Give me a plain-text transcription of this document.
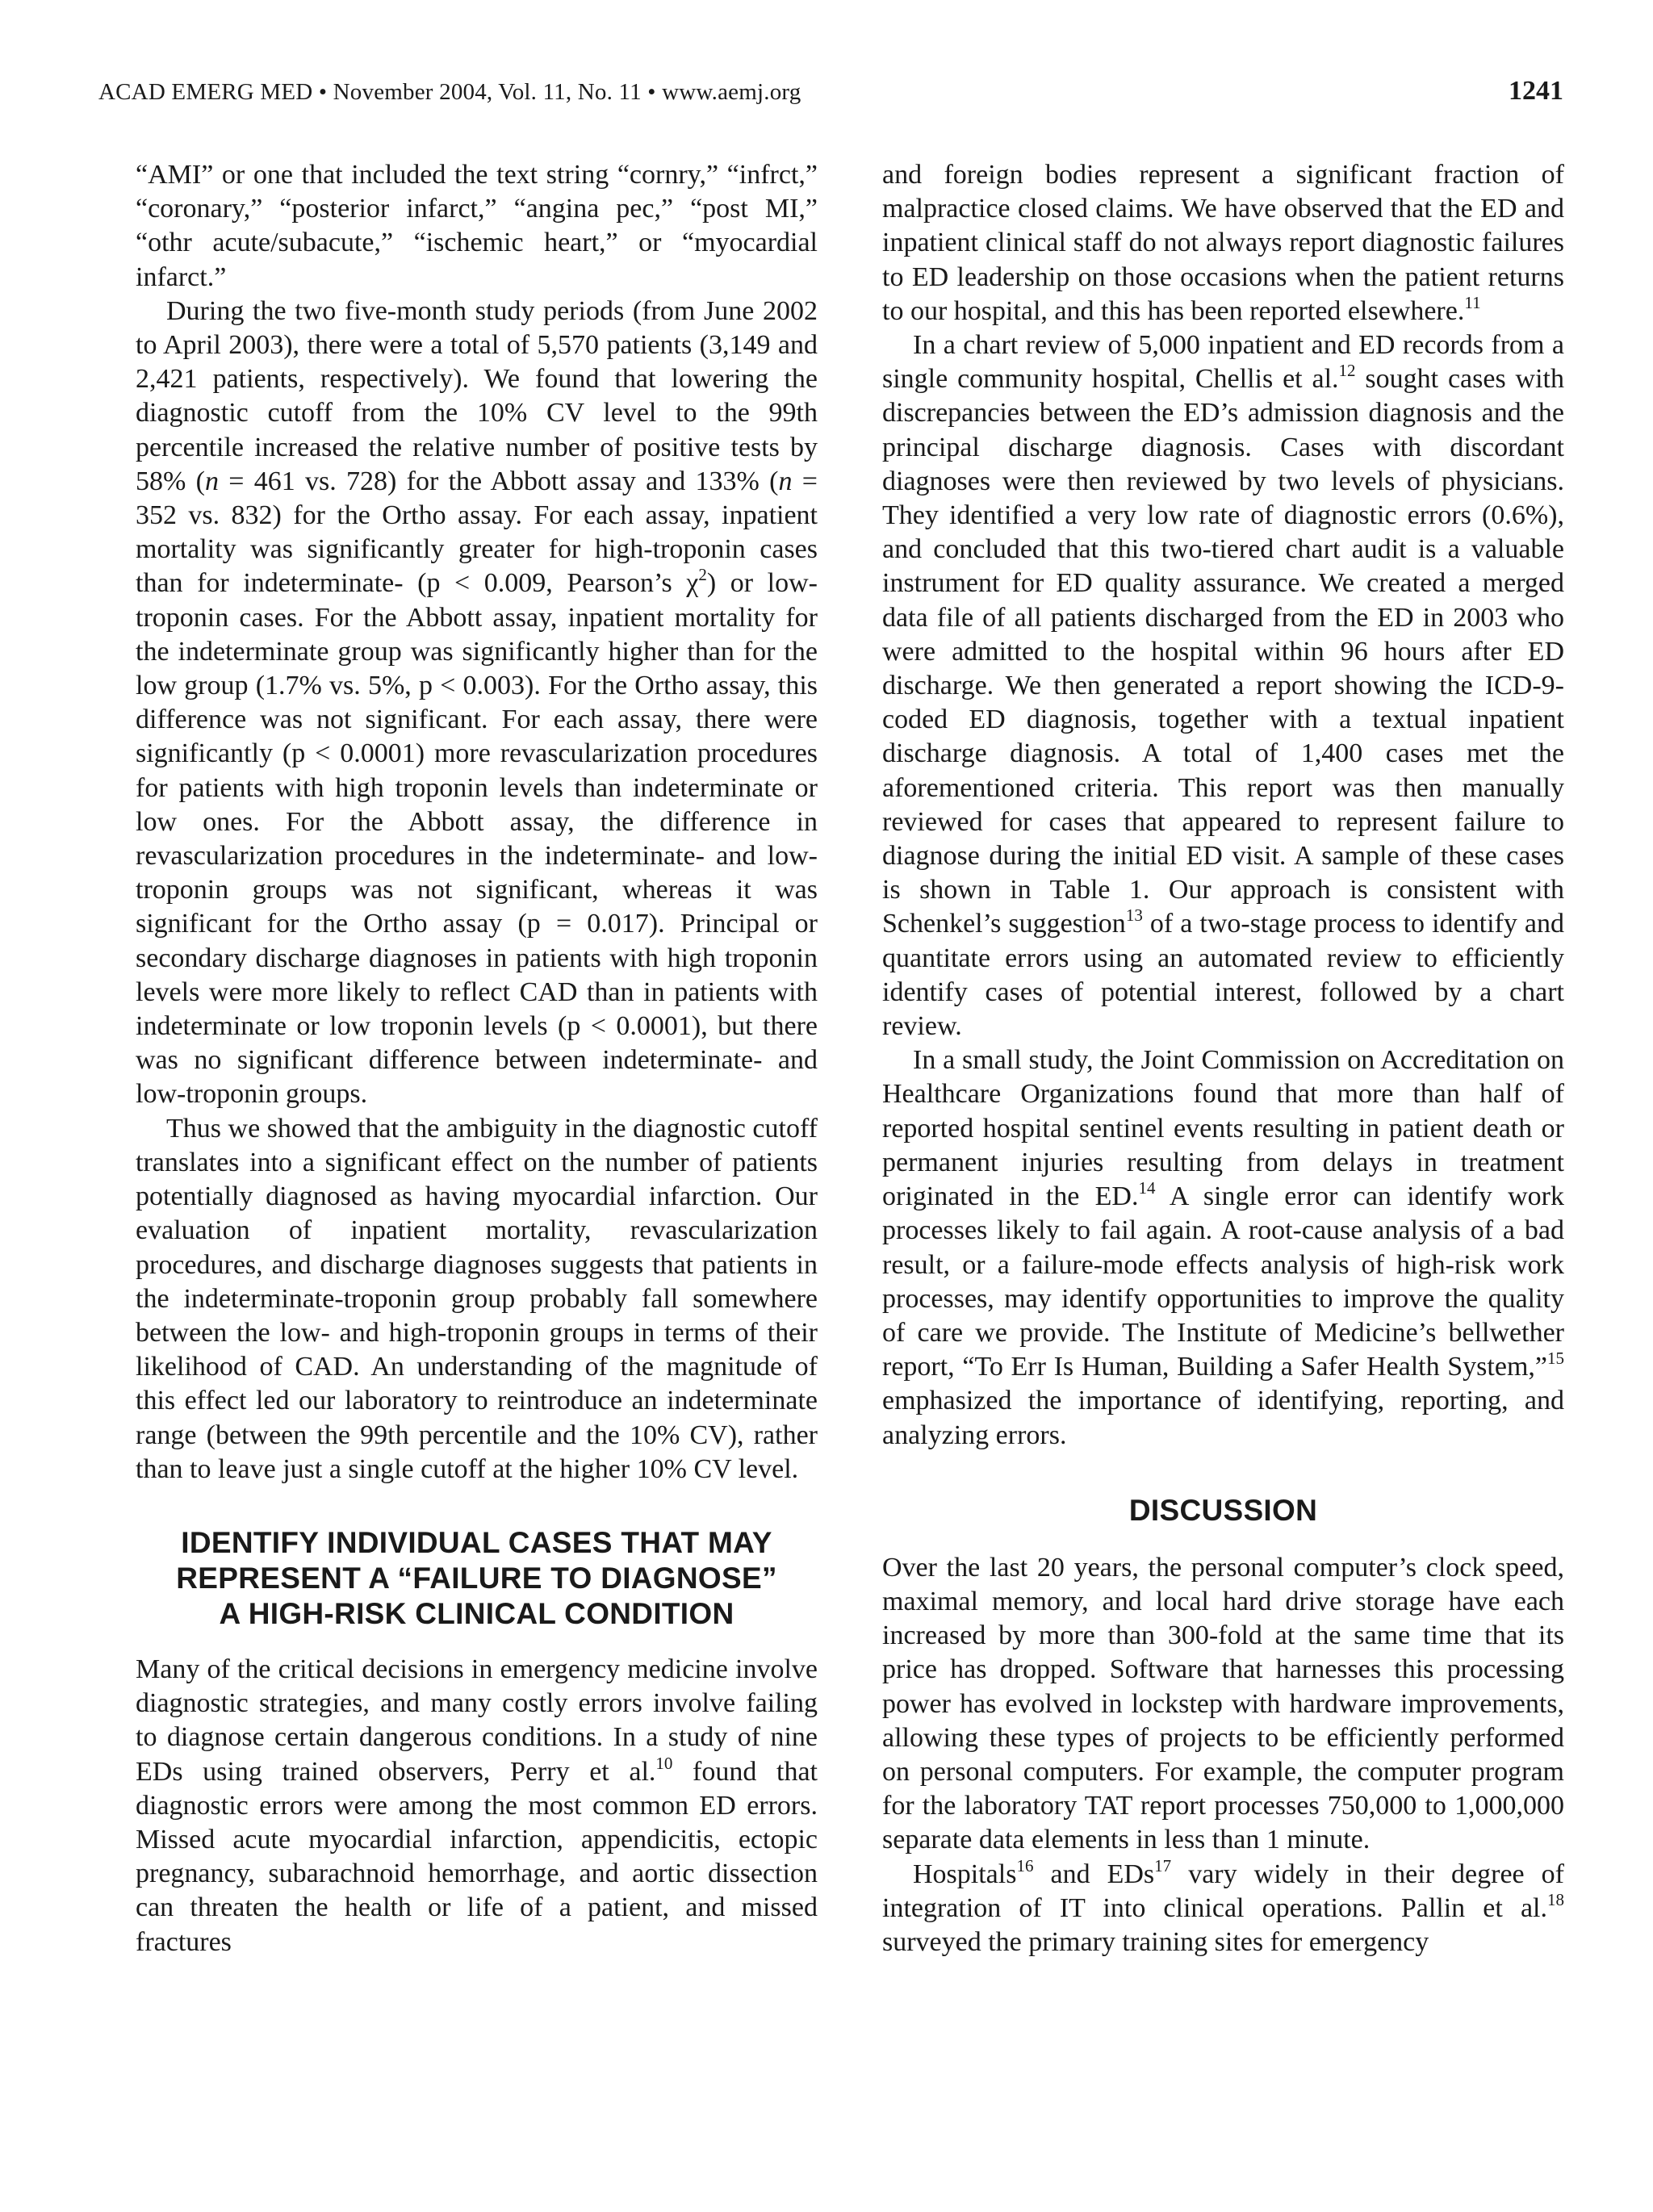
ACAD EMERG MED • November 2004, Vol. 11, No. 11 • www.aemj.org	1241

“AMI” or one that included the text string “cornry,” “infrct,” “coronary,” “posterior infarct,” “angina pec,” “post MI,” “othr acute/subacute,” “ischemic heart,” or “myocardial infarct.”

During the two five-month study periods (from June 2002 to April 2003), there were a total of 5,570 patients (3,149 and 2,421 patients, respectively). We found that lowering the diagnostic cutoff from the 10% CV level to the 99th percentile increased the relative number of positive tests by 58% (n = 461 vs. 728) for the Abbott assay and 133% (n = 352 vs. 832) for the Ortho assay. For each assay, inpatient mortality was significantly greater for high-troponin cases than for indeterminate- (p < 0.009, Pearson’s $\chi^2$) or low-troponin cases. For the Abbott assay, inpatient mortality for the indeterminate group was significantly higher than for the low group (1.7% vs. 5%, p < 0.003). For the Ortho assay, this difference was not significant. For each assay, there were significantly (p < 0.0001) more revascularization procedures for patients with high troponin levels than indeterminate or low ones. For the Abbott assay, the difference in revascularization procedures in the indeterminate- and low-troponin groups was not significant, whereas it was significant for the Ortho assay (p = 0.017). Principal or secondary discharge diagnoses in patients with high troponin levels were more likely to reflect CAD than in patients with indeterminate or low troponin levels (p < 0.0001), but there was no significant difference between indeterminate- and low-troponin groups.

Thus we showed that the ambiguity in the diagnostic cutoff translates into a significant effect on the number of patients potentially diagnosed as having myocardial infarction. Our evaluation of inpatient mortality, revascularization procedures, and discharge diagnoses suggests that patients in the indeterminate-troponin group probably fall somewhere between the low- and high-troponin groups in terms of their likelihood of CAD. An understanding of the magnitude of this effect led our laboratory to reintroduce an indeterminate range (between the 99th percentile and the 10% CV), rather than to leave just a single cutoff at the higher 10% CV level.

IDENTIFY INDIVIDUAL CASES THAT MAY
REPRESENT A “FAILURE TO DIAGNOSE”
A HIGH-RISK CLINICAL CONDITION

Many of the critical decisions in emergency medicine involve diagnostic strategies, and many costly errors involve failing to diagnose certain dangerous conditions. In a study of nine EDs using trained observers, Perry et al.$^{10}$ found that diagnostic errors were among the most common ED errors. Missed acute myocardial infarction, appendicitis, ectopic pregnancy, subarachnoid hemorrhage, and aortic dissection can threaten the health or life of a patient, and missed fractures

and foreign bodies represent a significant fraction of malpractice closed claims. We have observed that the ED and inpatient clinical staff do not always report diagnostic failures to ED leadership on those occasions when the patient returns to our hospital, and this has been reported elsewhere.$^{11}$

In a chart review of 5,000 inpatient and ED records from a single community hospital, Chellis et al.$^{12}$ sought cases with discrepancies between the ED’s admission diagnosis and the principal discharge diagnosis. Cases with discordant diagnoses were then reviewed by two levels of physicians. They identified a very low rate of diagnostic errors (0.6%), and concluded that this two-tiered chart audit is a valuable instrument for ED quality assurance. We created a merged data file of all patients discharged from the ED in 2003 who were admitted to the hospital within 96 hours after ED discharge. We then generated a report showing the ICD-9-coded ED diagnosis, together with a textual inpatient discharge diagnosis. A total of 1,400 cases met the aforementioned criteria. This report was then manually reviewed for cases that appeared to represent failure to diagnose during the initial ED visit. A sample of these cases is shown in Table 1. Our approach is consistent with Schenkel’s suggestion$^{13}$ of a two-stage process to identify and quantitate errors using an automated review to efficiently identify cases of potential interest, followed by a chart review.

In a small study, the Joint Commission on Accreditation on Healthcare Organizations found that more than half of reported hospital sentinel events resulting in patient death or permanent injuries resulting from delays in treatment originated in the ED.$^{14}$ A single error can identify work processes likely to fail again. A root-cause analysis of a bad result, or a failure-mode effects analysis of high-risk work processes, may identify opportunities to improve the quality of care we provide. The Institute of Medicine’s bellwether report, “To Err Is Human, Building a Safer Health System,”$^{15}$ emphasized the importance of identifying, reporting, and analyzing errors.

DISCUSSION

Over the last 20 years, the personal computer’s clock speed, maximal memory, and local hard drive storage have each increased by more than 300-fold at the same time that its price has dropped. Software that harnesses this processing power has evolved in lockstep with hardware improvements, allowing these types of projects to be efficiently performed on personal computers. For example, the computer program for the laboratory TAT report processes 750,000 to 1,000,000 separate data elements in less than 1 minute.

Hospitals$^{16}$ and EDs$^{17}$ vary widely in their degree of integration of IT into clinical operations. Pallin et al.$^{18}$ surveyed the primary training sites for emergency
